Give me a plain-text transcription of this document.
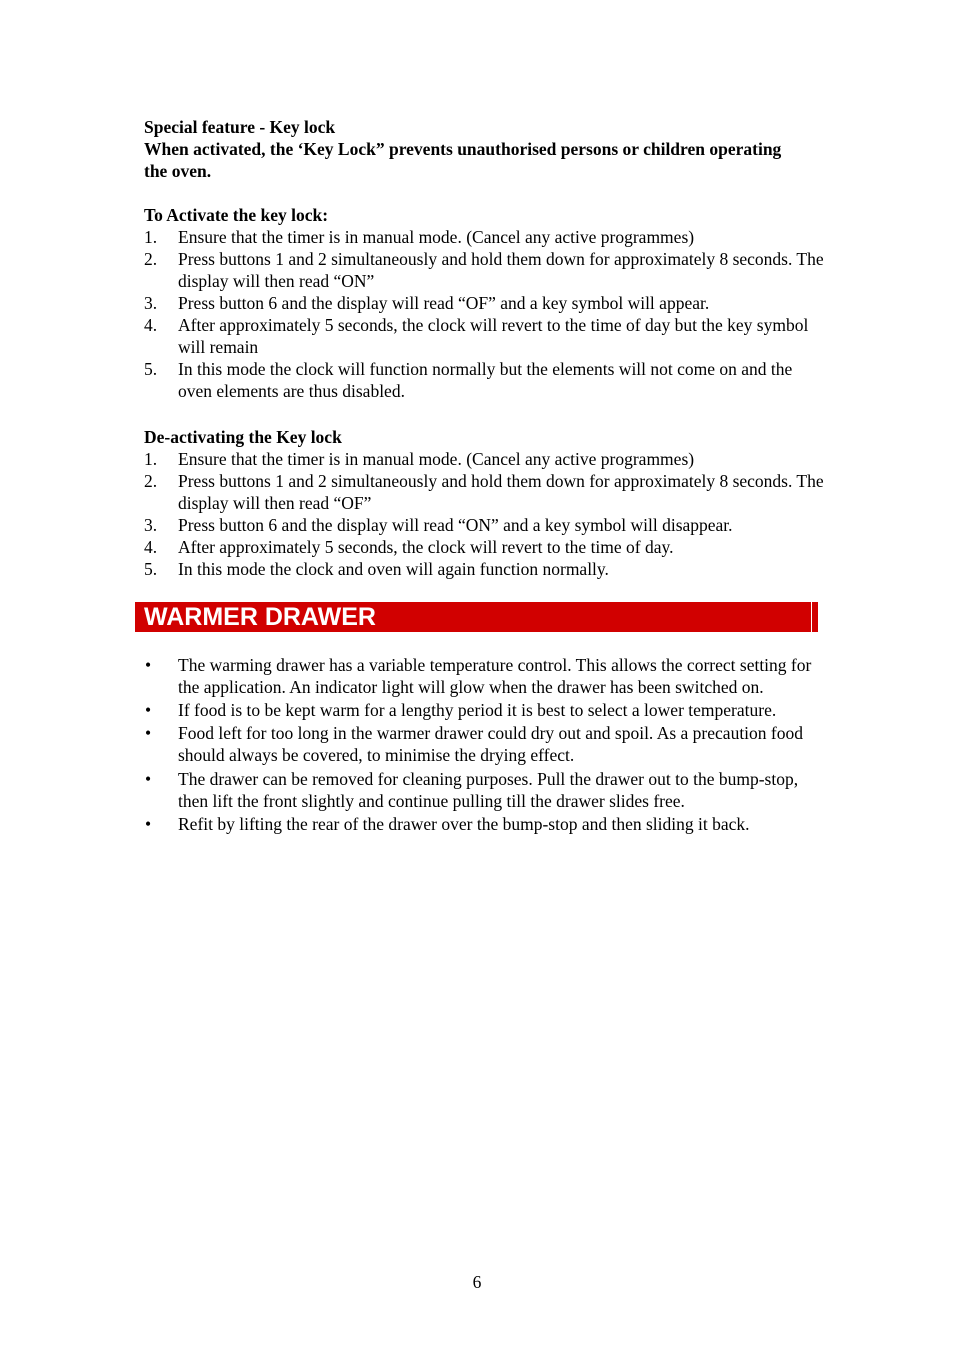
Special feature - Key lock
When activated, the ‘Key Lock” prevents unauthorised persons or children operating the oven.
To Activate the key lock:
1. Ensure that the timer is in manual mode. (Cancel any active programmes)
2. Press buttons 1 and 2 simultaneously and hold them down for approximately 8 seconds. The display will then read “ON”
3. Press button 6 and the display will read “OF” and a key symbol will appear.
4. After approximately 5 seconds, the clock will revert to the time of day but the key symbol will remain
5. In this mode the clock will function normally but the elements will not come on and the oven elements are thus disabled.
De-activating the Key lock
1. Ensure that the timer is in manual mode. (Cancel any active programmes)
2. Press buttons 1 and 2 simultaneously and hold them down for approximately 8 seconds. The display will then read “OF”
3. Press button 6 and the display will read “ON” and a key symbol will disappear.
4. After approximately 5 seconds, the clock will revert to the time of day.
5. In this mode the clock and oven will again function normally.
WARMER DRAWER
• The warming drawer has a variable temperature control. This allows the correct setting for the application. An indicator light will glow when the drawer has been switched on.
• If food is to be kept warm for a lengthy period it is best to select a lower temperature.
• Food left for too long in the warmer drawer could dry out and spoil. As a precaution food should always be covered, to minimise the drying effect.
• The drawer can be removed for cleaning purposes. Pull the drawer out to the bump-stop, then lift the front slightly and continue pulling till the drawer slides free.
• Refit by lifting the rear of the drawer over the bump-stop and then sliding it back.
6
